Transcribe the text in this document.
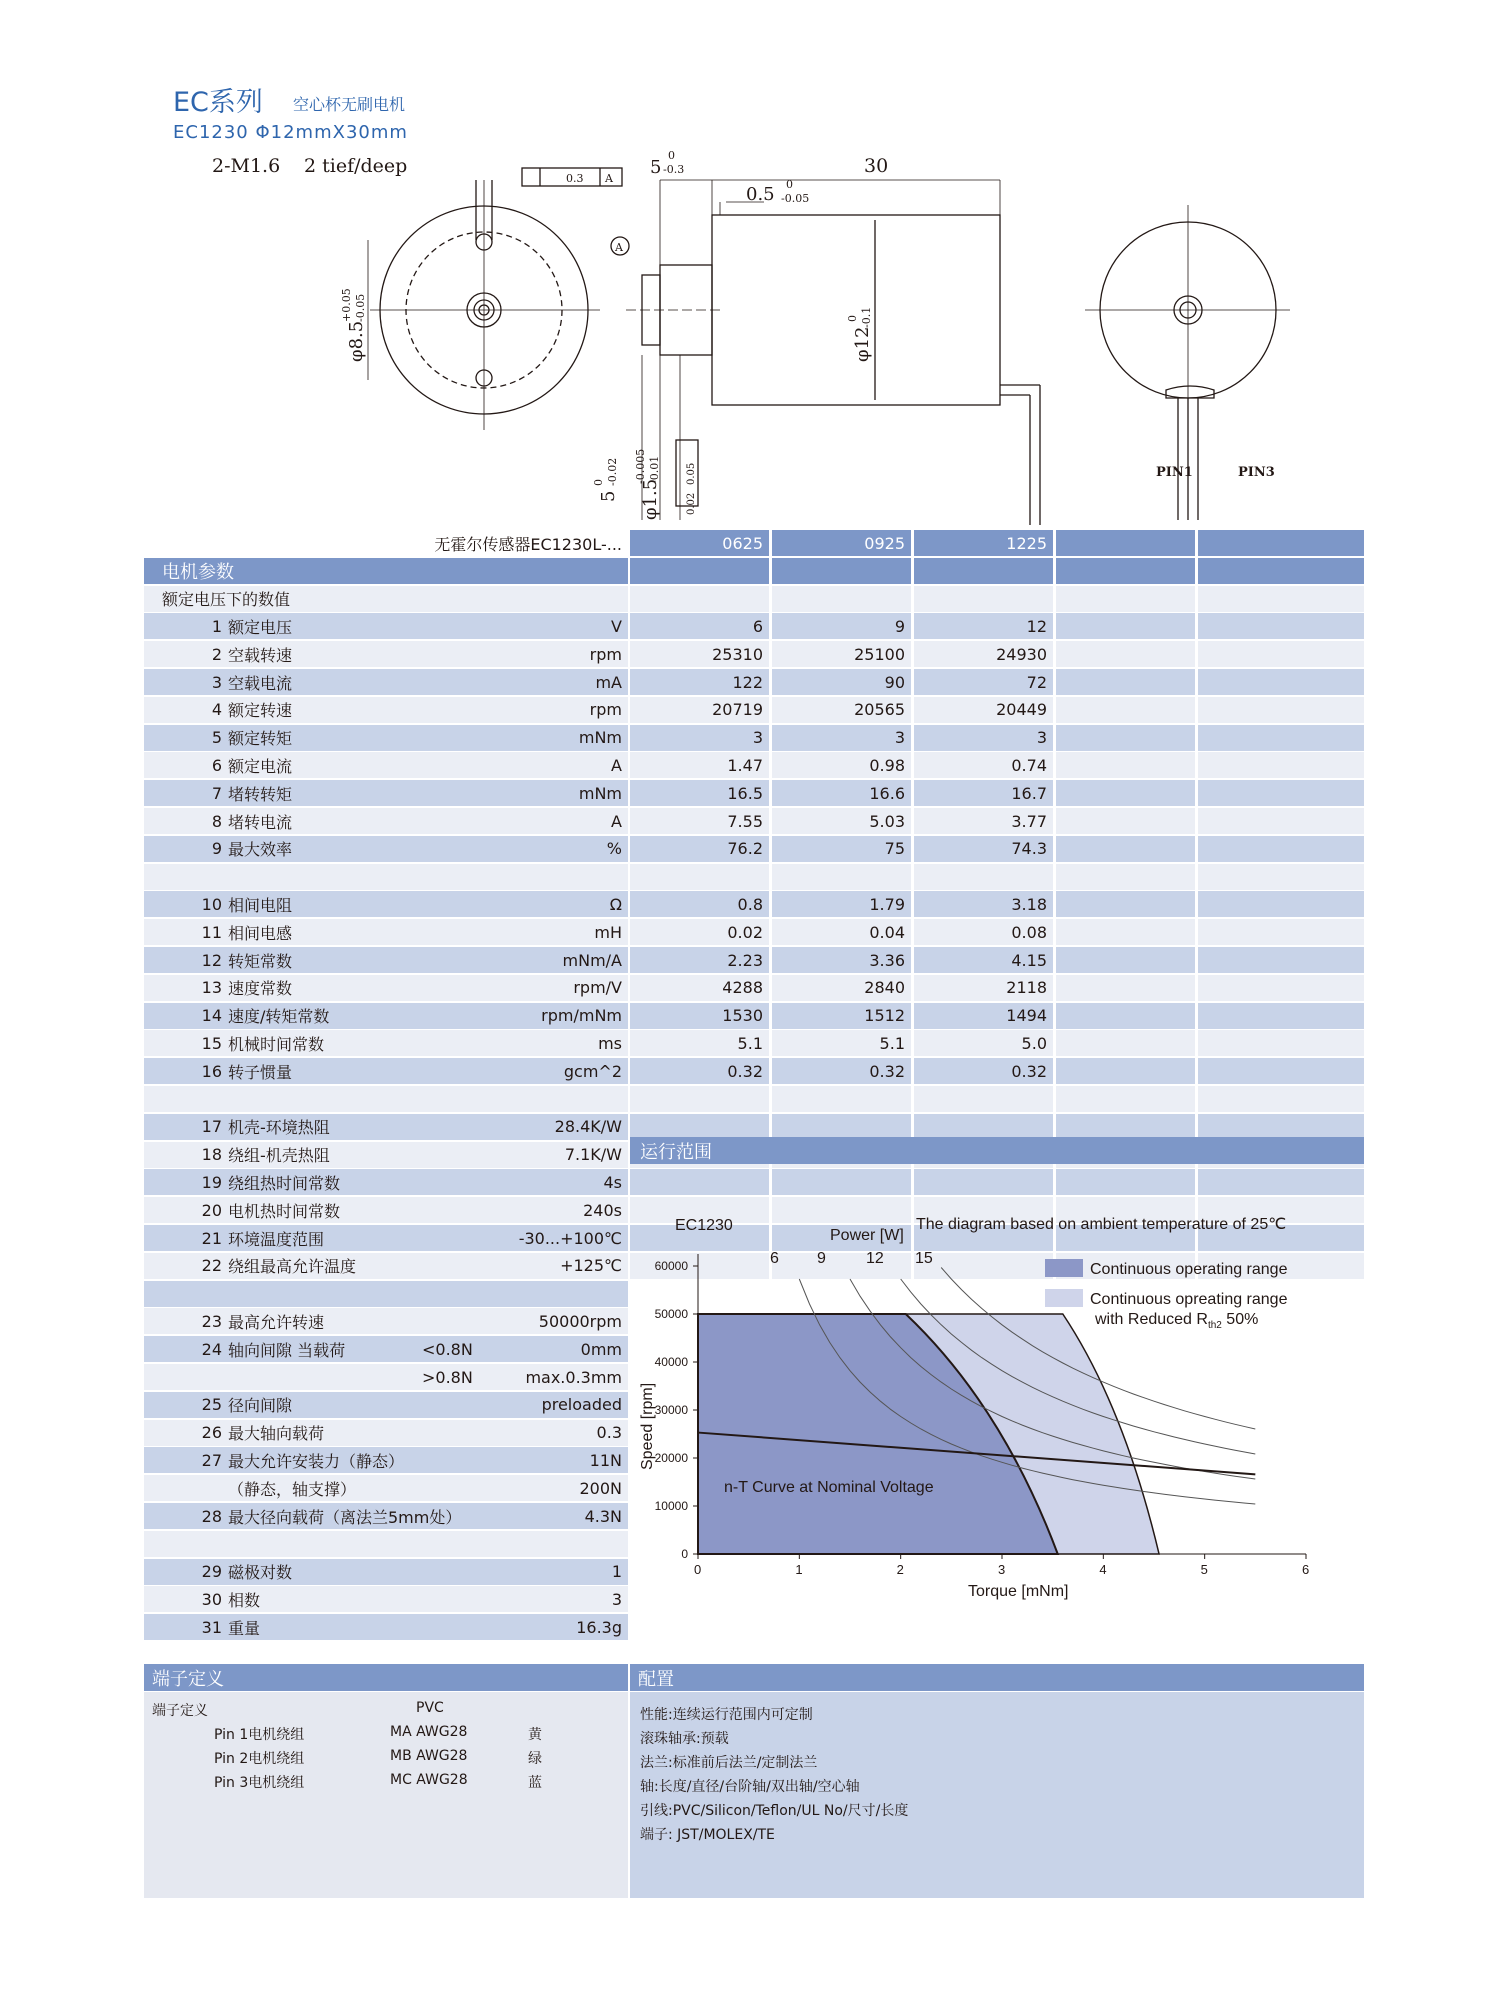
EC系列 空心杯无刷电机
EC1230 Φ12mmX30mm
2-M1.6 2 tief/deep
0.3 A
A
30
5
0
-0.3
0.5 0
-0.05
φ12
0 -0.1
φ8.5
+0.05 -0.05
φ1.5
-0.005 -0.01
5
0 -0.02	0.05
0.02
PIN1	PIN3
无霍尔传感器EC1230L-...	0625	0925	1225
电机参数
额定电压下的数值
1 额定电压	V	6	9	12
2 空载转速	rpm	25310	25100	24930
3 空载电流	mA	122	90	72
4 额定转速	rpm	20719	20565	20449
5 额定转矩	mNm	3	3	3
6 额定电流	A	1.47	0.98	0.74
7 堵转转矩	mNm	16.5	16.6	16.7
8 堵转电流	A	7.55	5.03	3.77
9 最大效率	%	76.2	75	74.3
10 相间电阻	Ω	0.8	1.79	3.18
11 相间电感	mH	0.02	0.04	0.08
12 转矩常数	mNm/A	2.23	3.36	4.15
13 速度常数	rpm/V	4288	2840	2118
14 速度/转矩常数	rpm/mNm	1530	1512	1494
15 机械时间常数	ms	5.1	5.1	5.0
16 转子惯量	gcm^2	0.32	0.32	0.32
17 机壳-环境热阻	28.4K/W
18 绕组-机壳热阻	7.1K/W
19 绕组热时间常数	4s
20 电机热时间常数	240s
21 环境温度范围	-30...+100℃
22 绕组最高允许温度	+125℃
23 最高允许转速	50000rpm
24 轴向间隙 当载荷	<0.8N	0mm
>0.8N	max.0.3mm
25 径向间隙	preloaded
26 最大轴向载荷	0.3
27 最大允许安装力（静态）	11N
（静态，轴支撑）	200N
28 最大径向载荷（离法兰5mm处）	4.3N
29 磁极对数	1
30 相数	3
31 重量	16.3g
运行范围
0	1	2	3	4	5	6
0
10000
20000
30000
40000
50000
60000
Torque [mNm]
Speed [rpm]
EC1230
Power [W]
The diagram based on ambient temperature of 25℃
6 9	12 15
Continuous operating range
Continuous opreating range
with Reduced $R_{th2}$ 50%
n-T Curve at Nominal Voltage
端子定义	配置
端子定义	PVC
Pin 1电机绕组	MA AWG28	黄
Pin 2电机绕组	MB AWG28	绿
Pin 3电机绕组	MC AWG28	蓝
性能:连续运行范围内可定制
滚珠轴承:预载
法兰:标准前后法兰/定制法兰
轴:长度/直径/台阶轴/双出轴/空心轴
引线:PVC/Silicon/Teflon/UL No/尺寸/长度
端子: JST/MOLEX/TE
